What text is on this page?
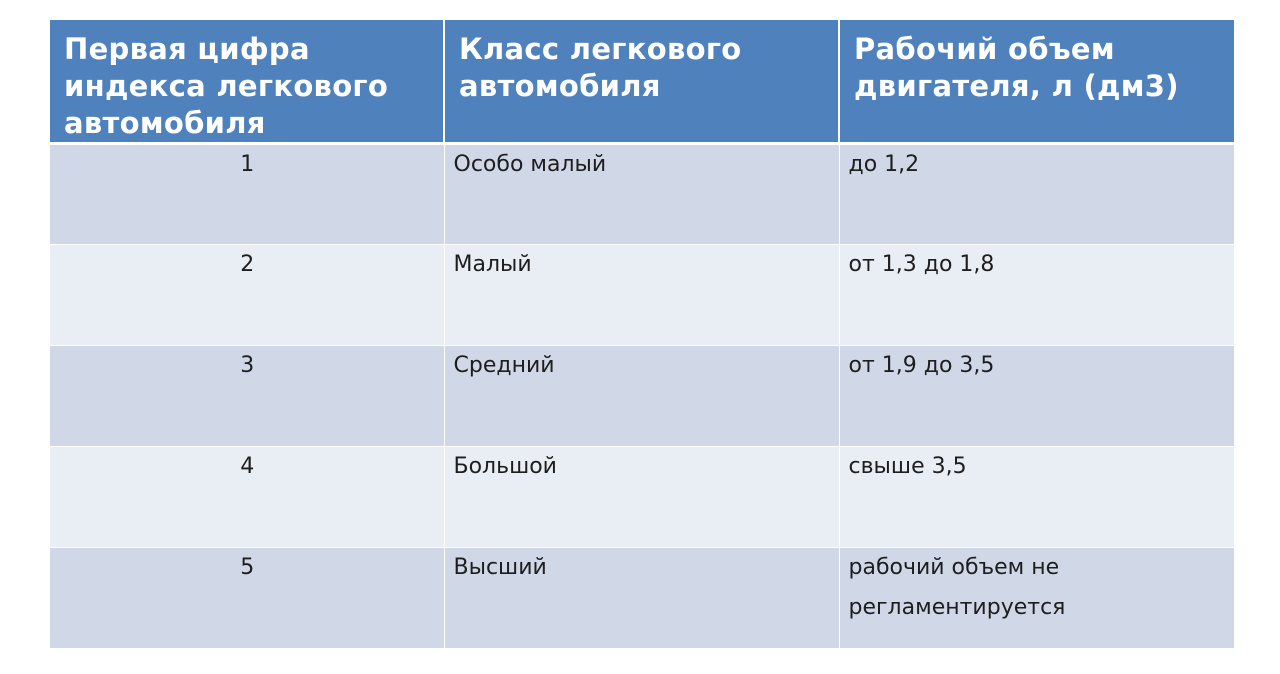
Первая цифра индекса легкового автомобиля	Класс легкового автомобиля	Рабочий объем двигателя, л (дм3)
1	Особо малый	до 1,2
2	Малый	от 1,3 до 1,8
3	Средний	от 1,9 до 3,5
4	Большой	свыше 3,5
5	Высший	рабочий объем не регламентируется
